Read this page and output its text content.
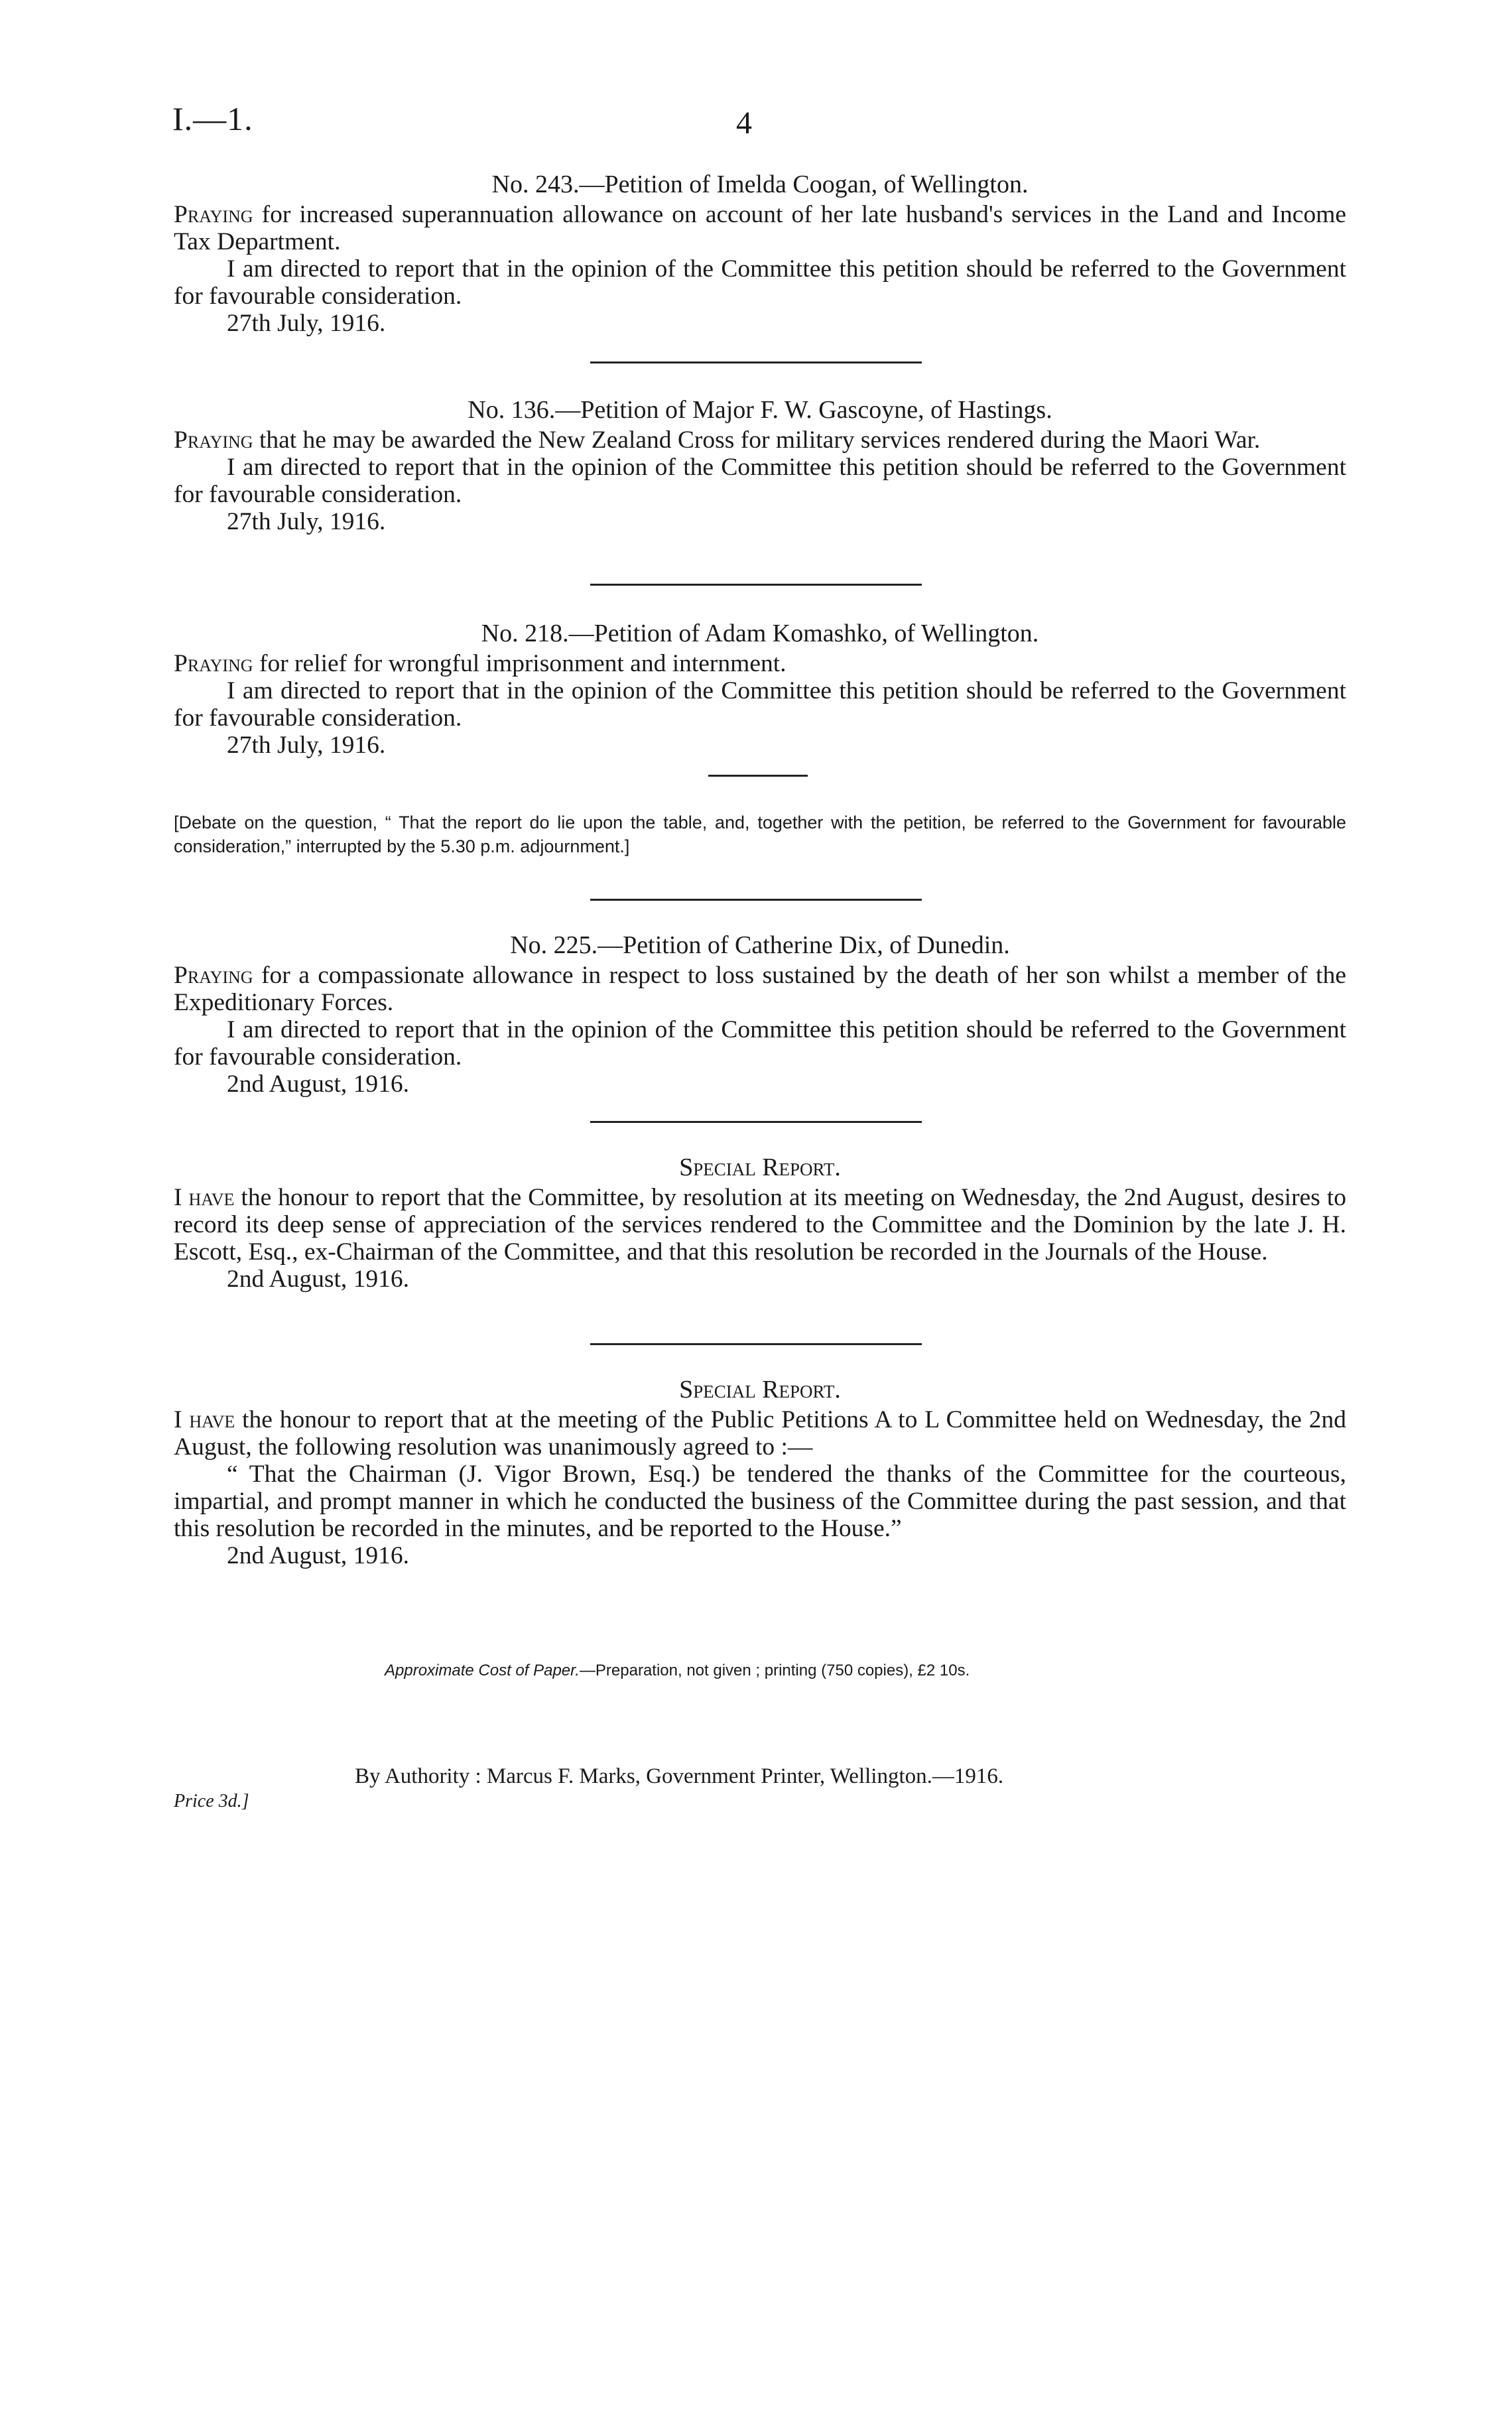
I.—1.	4
No. 243.—Petition of Imelda Coogan, of Wellington.

Praying for increased superannuation allowance on account of her late husband's services in the Land and Income Tax Department.

I am directed to report that in the opinion of the Committee this petition should be referred to the Government for favourable consideration.

27th July, 1916.
No. 136.—Petition of Major F. W. Gascoyne, of Hastings.

Praying that he may be awarded the New Zealand Cross for military services rendered during the Maori War.

I am directed to report that in the opinion of the Committee this petition should be referred to the Government for favourable consideration.

27th July, 1916.
No. 218.—Petition of Adam Komashko, of Wellington.

Praying for relief for wrongful imprisonment and internment.

I am directed to report that in the opinion of the Committee this petition should be referred to the Government for favourable consideration.

27th July, 1916.
[Debate on the question, “ That the report do lie upon the table, and, together with the petition, be referred to the Government for favourable consideration,” interrupted by the 5.30 p.m. adjournment.]
No. 225.—Petition of Catherine Dix, of Dunedin.

Praying for a compassionate allowance in respect to loss sustained by the death of her son whilst a member of the Expeditionary Forces.

I am directed to report that in the opinion of the Committee this petition should be referred to the Government for favourable consideration.

2nd August, 1916.
Special Report.

I have the honour to report that the Committee, by resolution at its meeting on Wednesday, the 2nd August, desires to record its deep sense of appreciation of the services rendered to the Committee and the Dominion by the late J. H. Escott, Esq., ex-Chairman of the Committee, and that this resolution be recorded in the Journals of the House.

2nd August, 1916.
Special Report.

I have the honour to report that at the meeting of the Public Petitions A to L Committee held on Wednesday, the 2nd August, the following resolution was unanimously agreed to :—

“ That the Chairman (J. Vigor Brown, Esq.) be tendered the thanks of the Committee for the courteous, impartial, and prompt manner in which he conducted the business of the Committee during the past session, and that this resolution be recorded in the minutes, and be reported to the House.”

2nd August, 1916.
Approximate Cost of Paper.—Preparation, not given ; printing (750 copies), £2 10s.
By Authority : Marcus F. Marks, Government Printer, Wellington.—1916.
Price 3d.]
